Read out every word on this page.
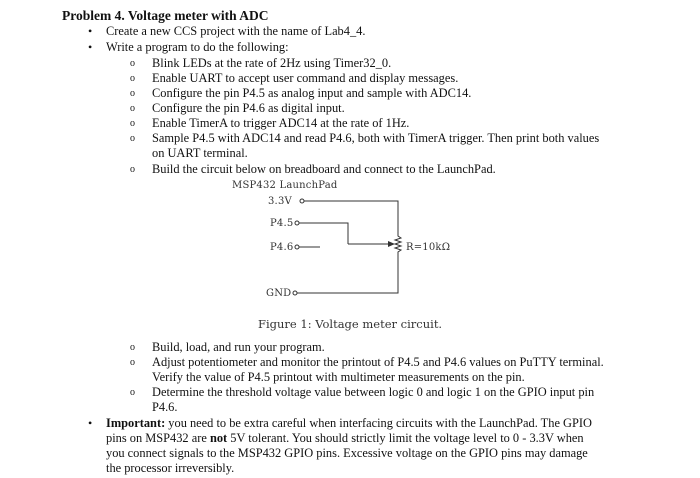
Problem 4. Voltage meter with ADC
• Create a new CCS project with the name of Lab4_4.
• Write a program to do the following:
o Blink LEDs at the rate of 2Hz using Timer32_0.
o Enable UART to accept user command and display messages.
o Configure the pin P4.5 as analog input and sample with ADC14.
o Configure the pin P4.6 as digital input.
o Enable TimerA to trigger ADC14 at the rate of 1Hz.
o Sample P4.5 with ADC14 and read P4.6, both with TimerA trigger. Then print both values
on UART terminal.
o Build the circuit below on breadboard and connect to the LaunchPad.
MSP432 LaunchPad
3.3V
P4.5
P4.6
GND
R=10kΩ
Figure 1: Voltage meter circuit.
o Build, load, and run your program.
o Adjust potentiometer and monitor the printout of P4.5 and P4.6 values on PuTTY terminal.
Verify the value of P4.5 printout with multimeter measurements on the pin.
o Determine the threshold voltage value between logic 0 and logic 1 on the GPIO input pin
P4.6.
• Important: you need to be extra careful when interfacing circuits with the LaunchPad. The GPIO
pins on MSP432 are not 5V tolerant. You should strictly limit the voltage level to 0 - 3.3V when
you connect signals to the MSP432 GPIO pins. Excessive voltage on the GPIO pins may damage
the processor irreversibly.
